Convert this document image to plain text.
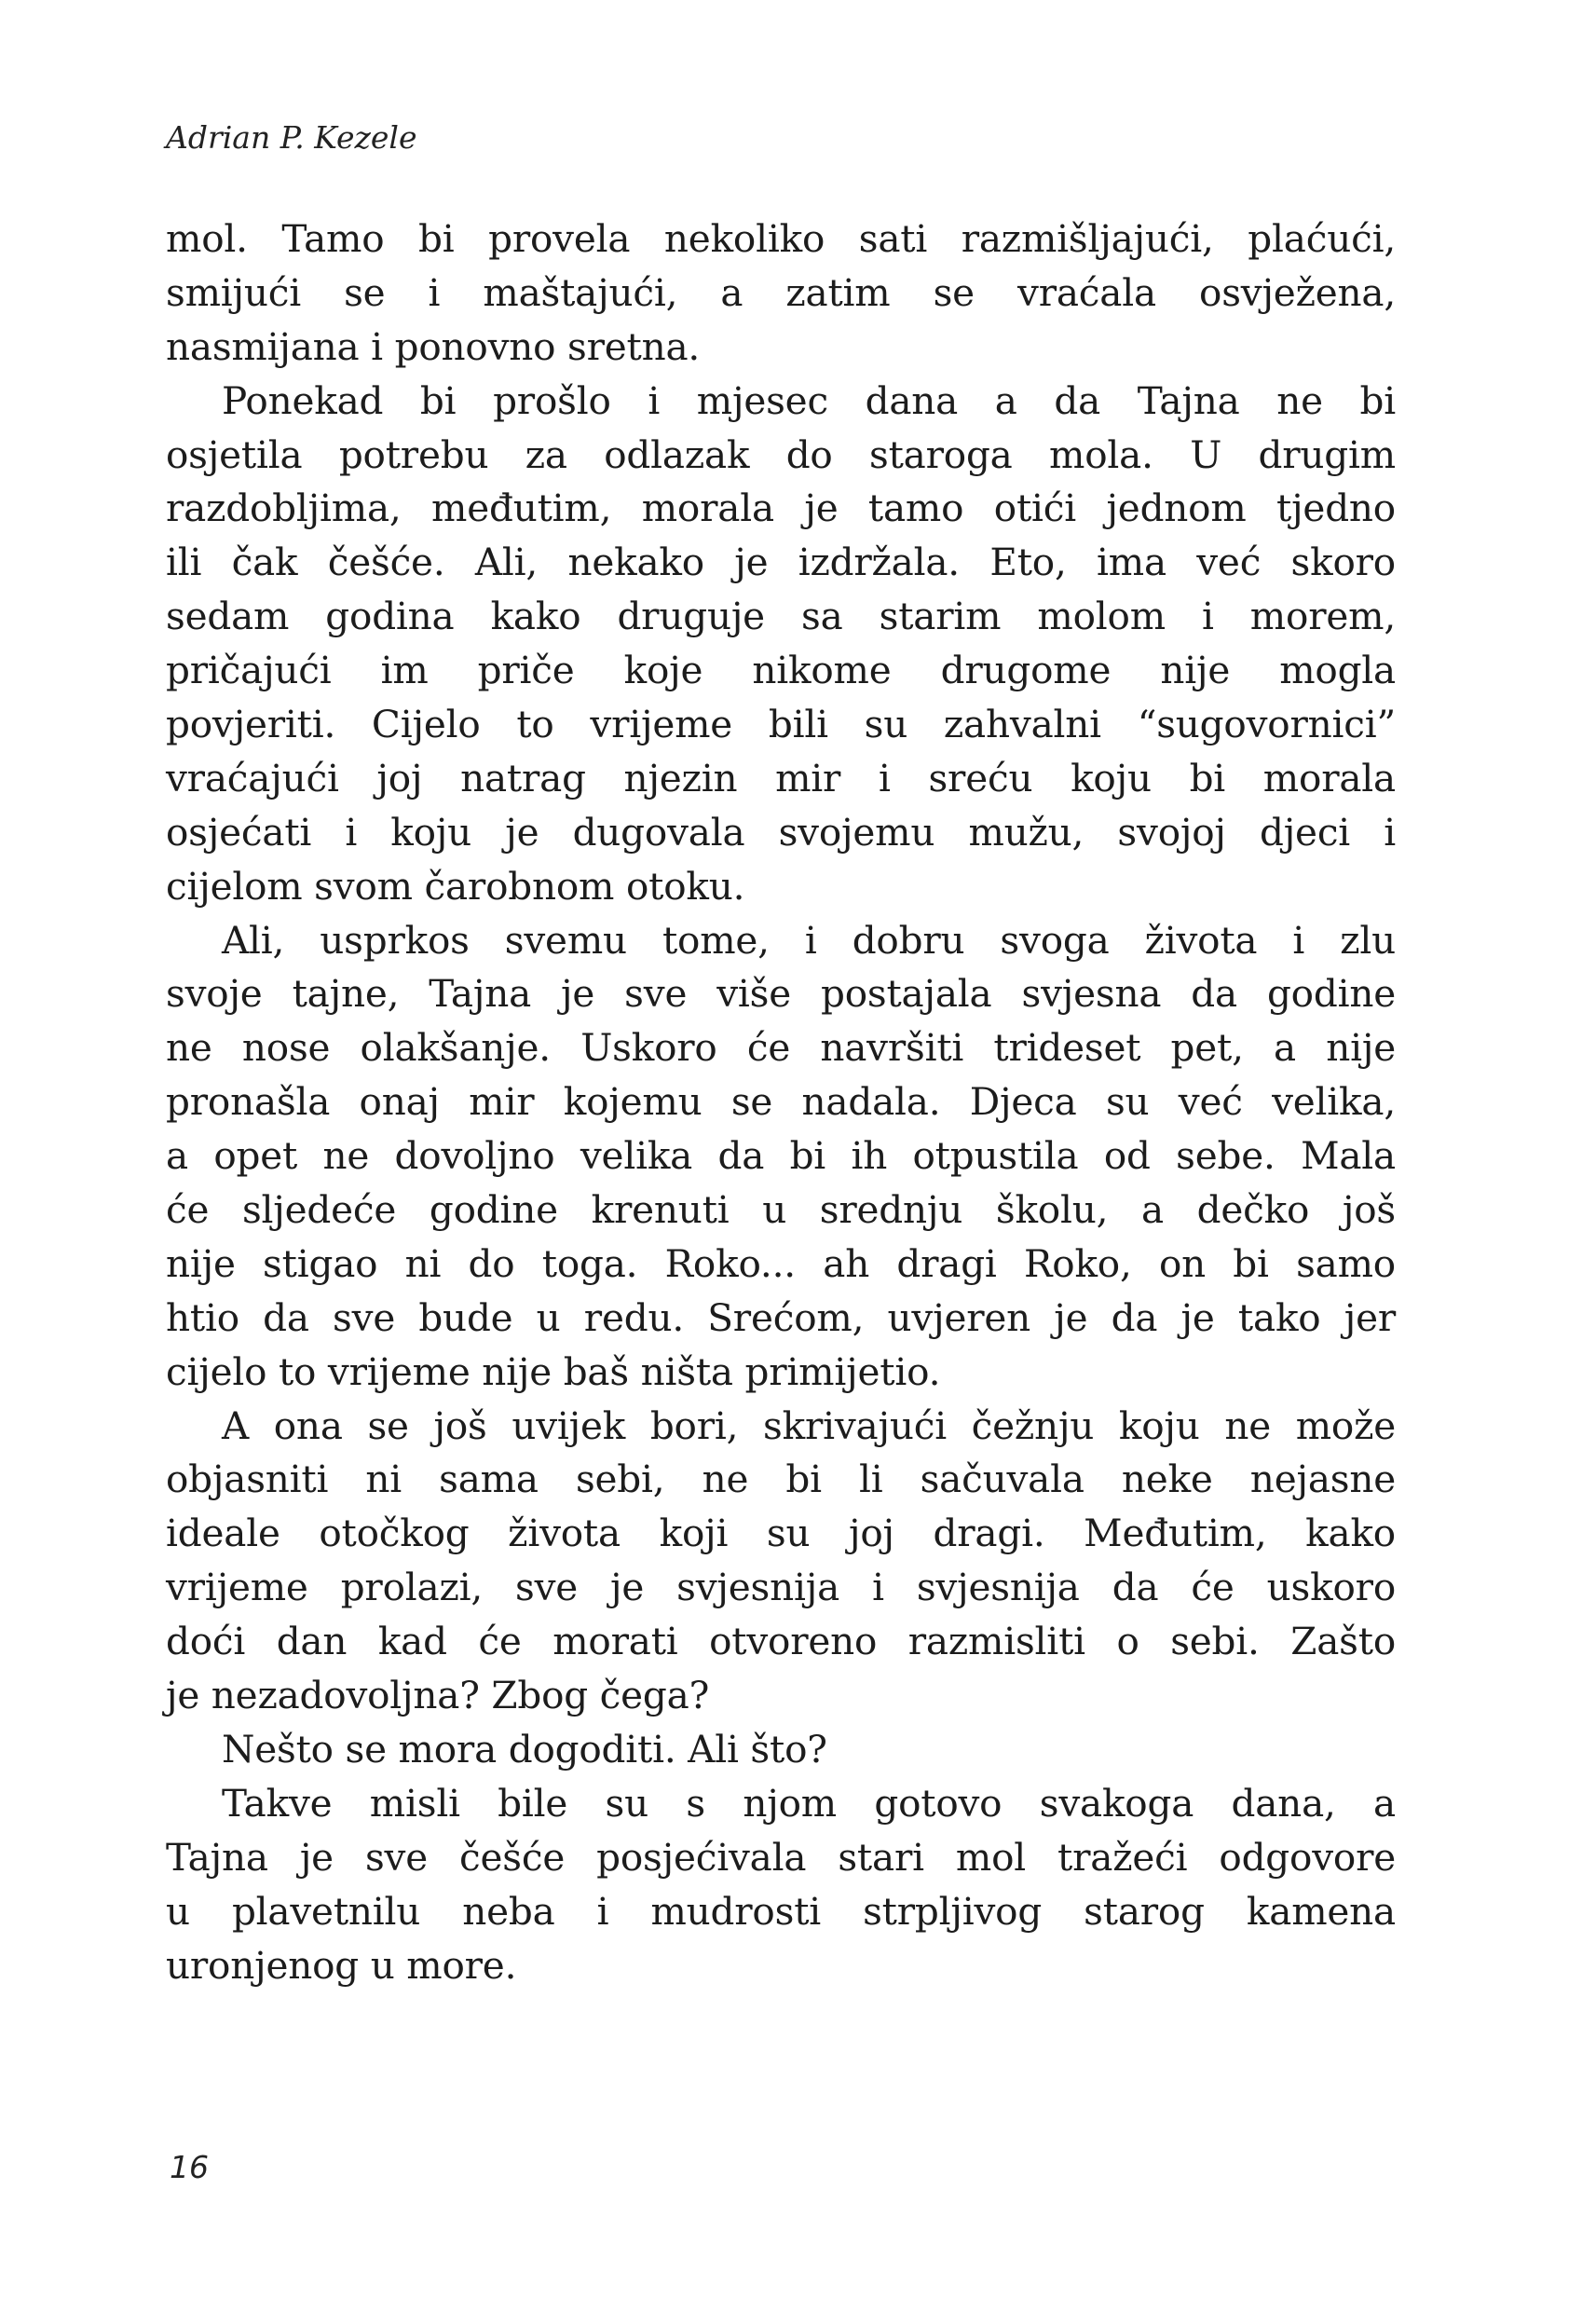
Adrian P. Kezele
mol. Tamo bi provela nekoliko sati razmišljajući, plaćući,
smijući se i maštajući, a zatim se vraćala osvježena,
nasmijana i ponovno sretna.
Ponekad bi prošlo i mjesec dana a da Tajna ne bi
osjetila potrebu za odlazak do staroga mola. U drugim
razdobljima, međutim, morala je tamo otići jednom tjedno
ili čak češće. Ali, nekako je izdržala. Eto, ima već skoro
sedam godina kako druguje sa starim molom i morem,
pričajući im priče koje nikome drugome nije mogla
povjeriti. Cijelo to vrijeme bili su zahvalni “sugovornici”
vraćajući joj natrag njezin mir i sreću koju bi morala
osjećati i koju je dugovala svojemu mužu, svojoj djeci i
cijelom svom čarobnom otoku.
Ali, usprkos svemu tome, i dobru svoga života i zlu
svoje tajne, Tajna je sve više postajala svjesna da godine
ne nose olakšanje. Uskoro će navršiti trideset pet, a nije
pronašla onaj mir kojemu se nadala. Djeca su već velika,
a opet ne dovoljno velika da bi ih otpustila od sebe. Mala
će sljedeće godine krenuti u srednju školu, a dečko još
nije stigao ni do toga. Roko... ah dragi Roko, on bi samo
htio da sve bude u redu. Srećom, uvjeren je da je tako jer
cijelo to vrijeme nije baš ništa primijetio.
A ona se još uvijek bori, skrivajući čežnju koju ne može
objasniti ni sama sebi, ne bi li sačuvala neke nejasne
ideale otočkog života koji su joj dragi. Međutim, kako
vrijeme prolazi, sve je svjesnija i svjesnija da će uskoro
doći dan kad će morati otvoreno razmisliti o sebi. Zašto
je nezadovoljna? Zbog čega?
Nešto se mora dogoditi. Ali što?
Takve misli bile su s njom gotovo svakoga dana, a
Tajna je sve češće posjećivala stari mol tražeći odgovore
u plavetnilu neba i mudrosti strpljivog starog kamena
uronjenog u more.
16
